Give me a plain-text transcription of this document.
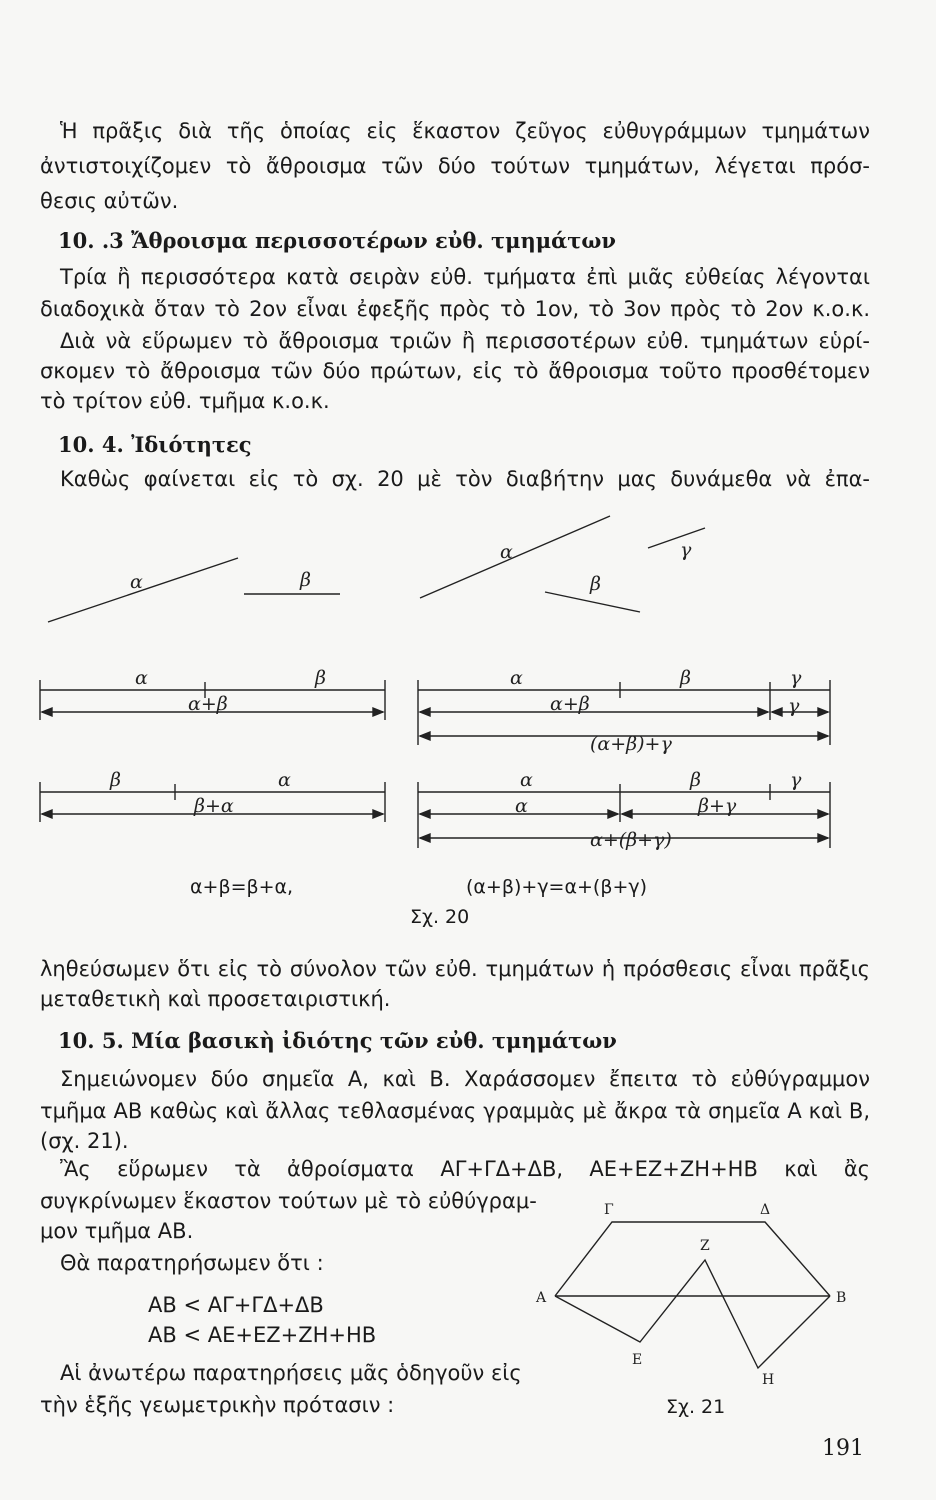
Ἡ πρᾶξις διὰ τῆς ὁποίας εἰς ἕκαστον ζεῦγος εὐθυγράμμων τμημάτων
ἀντιστοιχίζομεν τὸ ἄθροισμα τῶν δύο τούτων τμημάτων, λέγεται πρόσ-
θεσις αὐτῶν.
10. .3 Ἄθροισμα περισσοτέρων εὐθ. τμημάτων
Τρία ἢ περισσότερα κατὰ σειρὰν εὐθ. τμήματα ἐπὶ μιᾶς εὐθείας λέγονται
διαδοχικὰ ὅταν τὸ 2ον εἶναι ἐφεξῆς πρὸς τὸ 1ον, τὸ 3ον πρὸς τὸ 2ον κ.ο.κ.
Διὰ νὰ εὕρωμεν τὸ ἄθροισμα τριῶν ἢ περισσοτέρων εὐθ. τμημάτων εὑρί-
σκομεν τὸ ἄθροισμα τῶν δύο πρώτων, εἰς τὸ ἄθροισμα τοῦτο προσθέτομεν
τὸ τρίτον εὐθ. τμῆμα κ.ο.κ.
10. 4. Ἰδιότητες
Καθὼς φαίνεται εἰς τὸ σχ. 20 μὲ τὸν διαβήτην μας δυνάμεθα νὰ ἐπα-
α	β
α
β
γ
α	β
α+β
α	β	γ
α+β	γ
(α+β)+γ
β	α
β+α
α	β	γ
α	β+γ
α+(β+γ)
α+β=β+α,	(α+β)+γ=α+(β+γ)
Σχ. 20
ληθεύσωμεν ὅτι εἰς τὸ σύνολον τῶν εὐθ. τμημάτων ἡ πρόσθεσις εἶναι πρᾶξις
μεταθετικὴ καὶ προσεταιριστική.
10. 5. Μία βασικὴ ἰδιότης τῶν εὐθ. τμημάτων
Σημειώνομεν δύο σημεῖα Α, καὶ Β. Χαράσσομεν ἔπειτα τὸ εὐθύγραμμον
τμῆμα ΑΒ καθὼς καὶ ἄλλας τεθλασμένας γραμμὰς μὲ ἄκρα τὰ σημεῖα Α καὶ Β,
(σχ. 21).
Ἂς εὕρωμεν τὰ ἀθροίσματα ΑΓ+ΓΔ+ΔΒ, ΑΕ+ΕΖ+ΖΗ+ΗΒ καὶ ἂς
συγκρίνωμεν ἕκαστον τούτων μὲ τὸ εὐθύγραμ-
μον τμῆμα ΑΒ.
Θὰ παρατηρήσωμεν ὅτι :
ΑΒ < ΑΓ+ΓΔ+ΔΒ
ΑΒ < ΑΕ+ΕΖ+ΖΗ+ΗΒ
Αἱ ἀνωτέρω παρατηρήσεις μᾶς ὁδηγοῦν εἰς
τὴν ἑξῆς γεωμετρικὴν πρότασιν :
Α	Β
Γ	Δ
Ε
Ζ
Η
Σχ. 21
191
